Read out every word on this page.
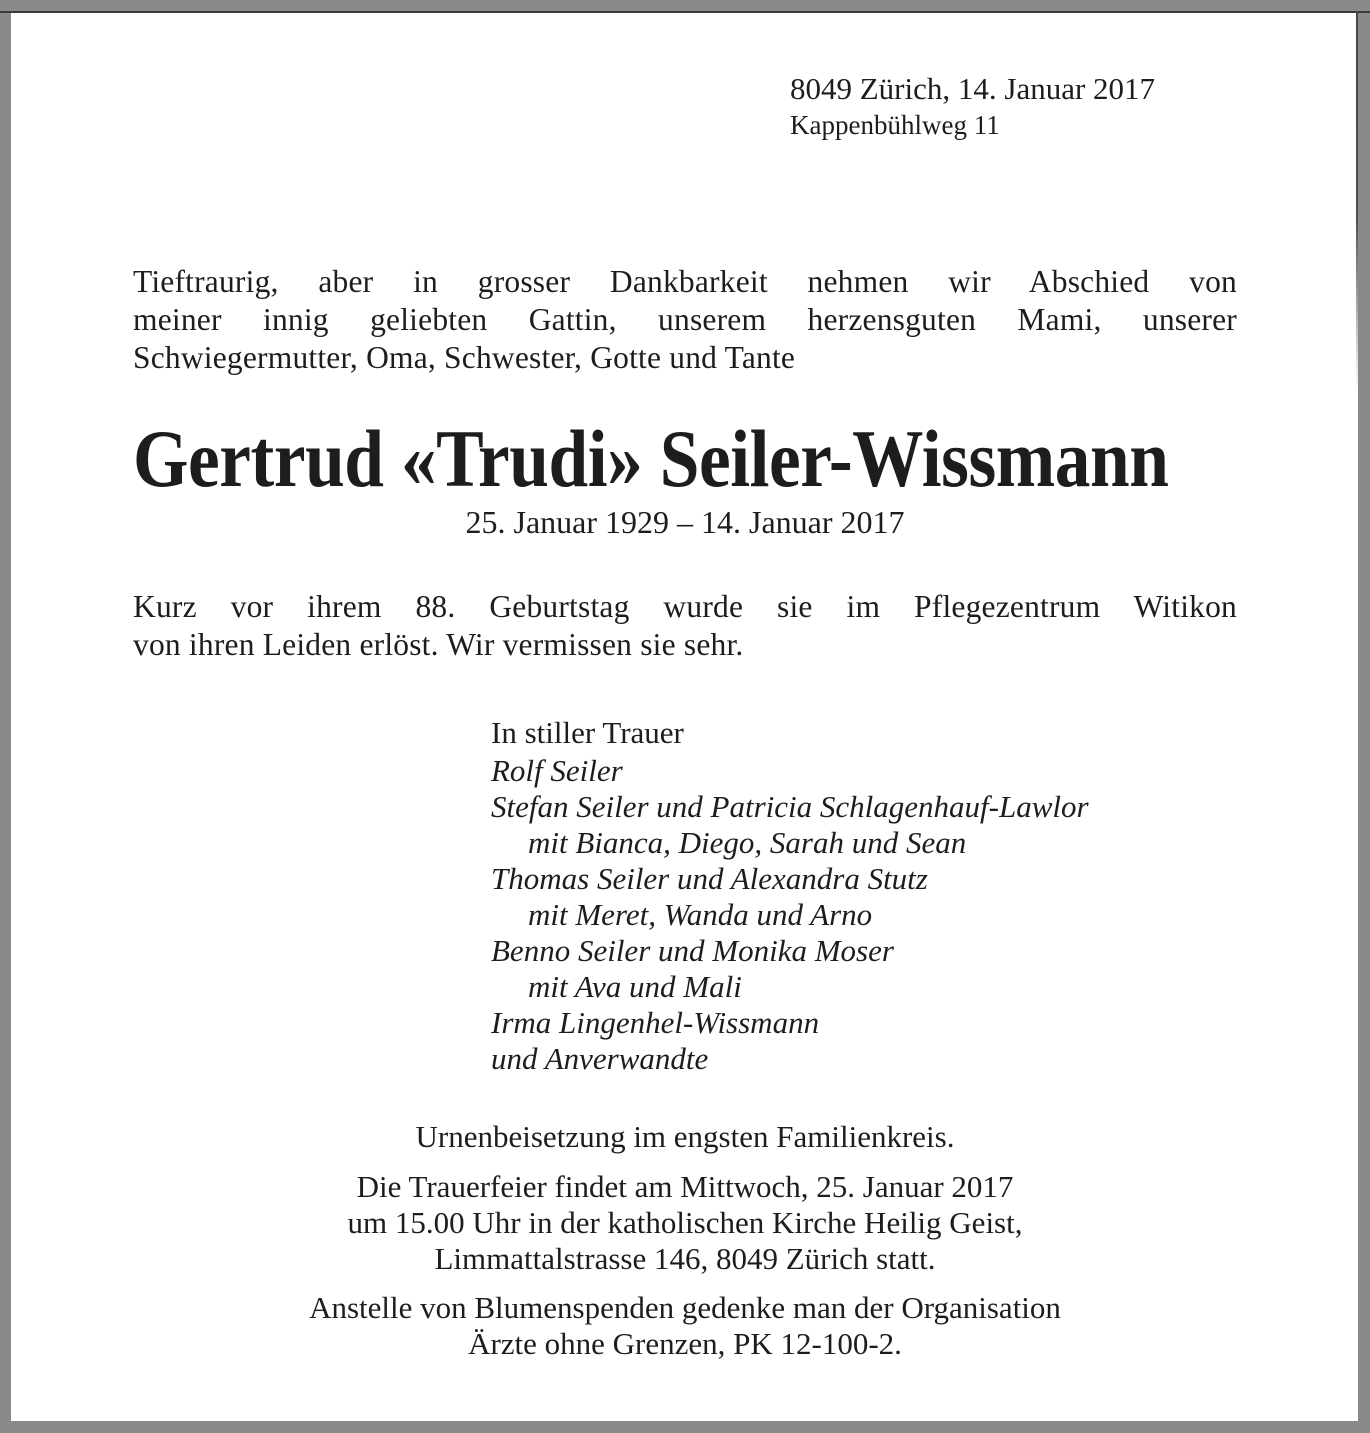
8049 Zürich, 14. Januar 2017
Kappenbühlweg 11
Tieftraurig, aber in grosser Dankbarkeit nehmen wir Abschied von
meiner innig geliebten Gattin, unserem herzensguten Mami, unserer
Schwiegermutter, Oma, Schwester, Gotte und Tante
Gertrud «Trudi» Seiler-Wissmann
25. Januar 1929 – 14. Januar 2017
Kurz vor ihrem 88. Geburtstag wurde sie im Pflegezentrum Witikon
von ihren Leiden erlöst. Wir vermissen sie sehr.
In stiller Trauer
Rolf Seiler
Stefan Seiler und Patricia Schlagenhauf-Lawlor
mit Bianca, Diego, Sarah und Sean
Thomas Seiler und Alexandra Stutz
mit Meret, Wanda und Arno
Benno Seiler und Monika Moser
mit Ava und Mali
Irma Lingenhel-Wissmann
und Anverwandte
Urnenbeisetzung im engsten Familienkreis.
Die Trauerfeier findet am Mittwoch, 25. Januar 2017
um 15.00 Uhr in der katholischen Kirche Heilig Geist,
Limmattalstrasse 146, 8049 Zürich statt.
Anstelle von Blumenspenden gedenke man der Organisation
Ärzte ohne Grenzen, PK 12-100-2.
